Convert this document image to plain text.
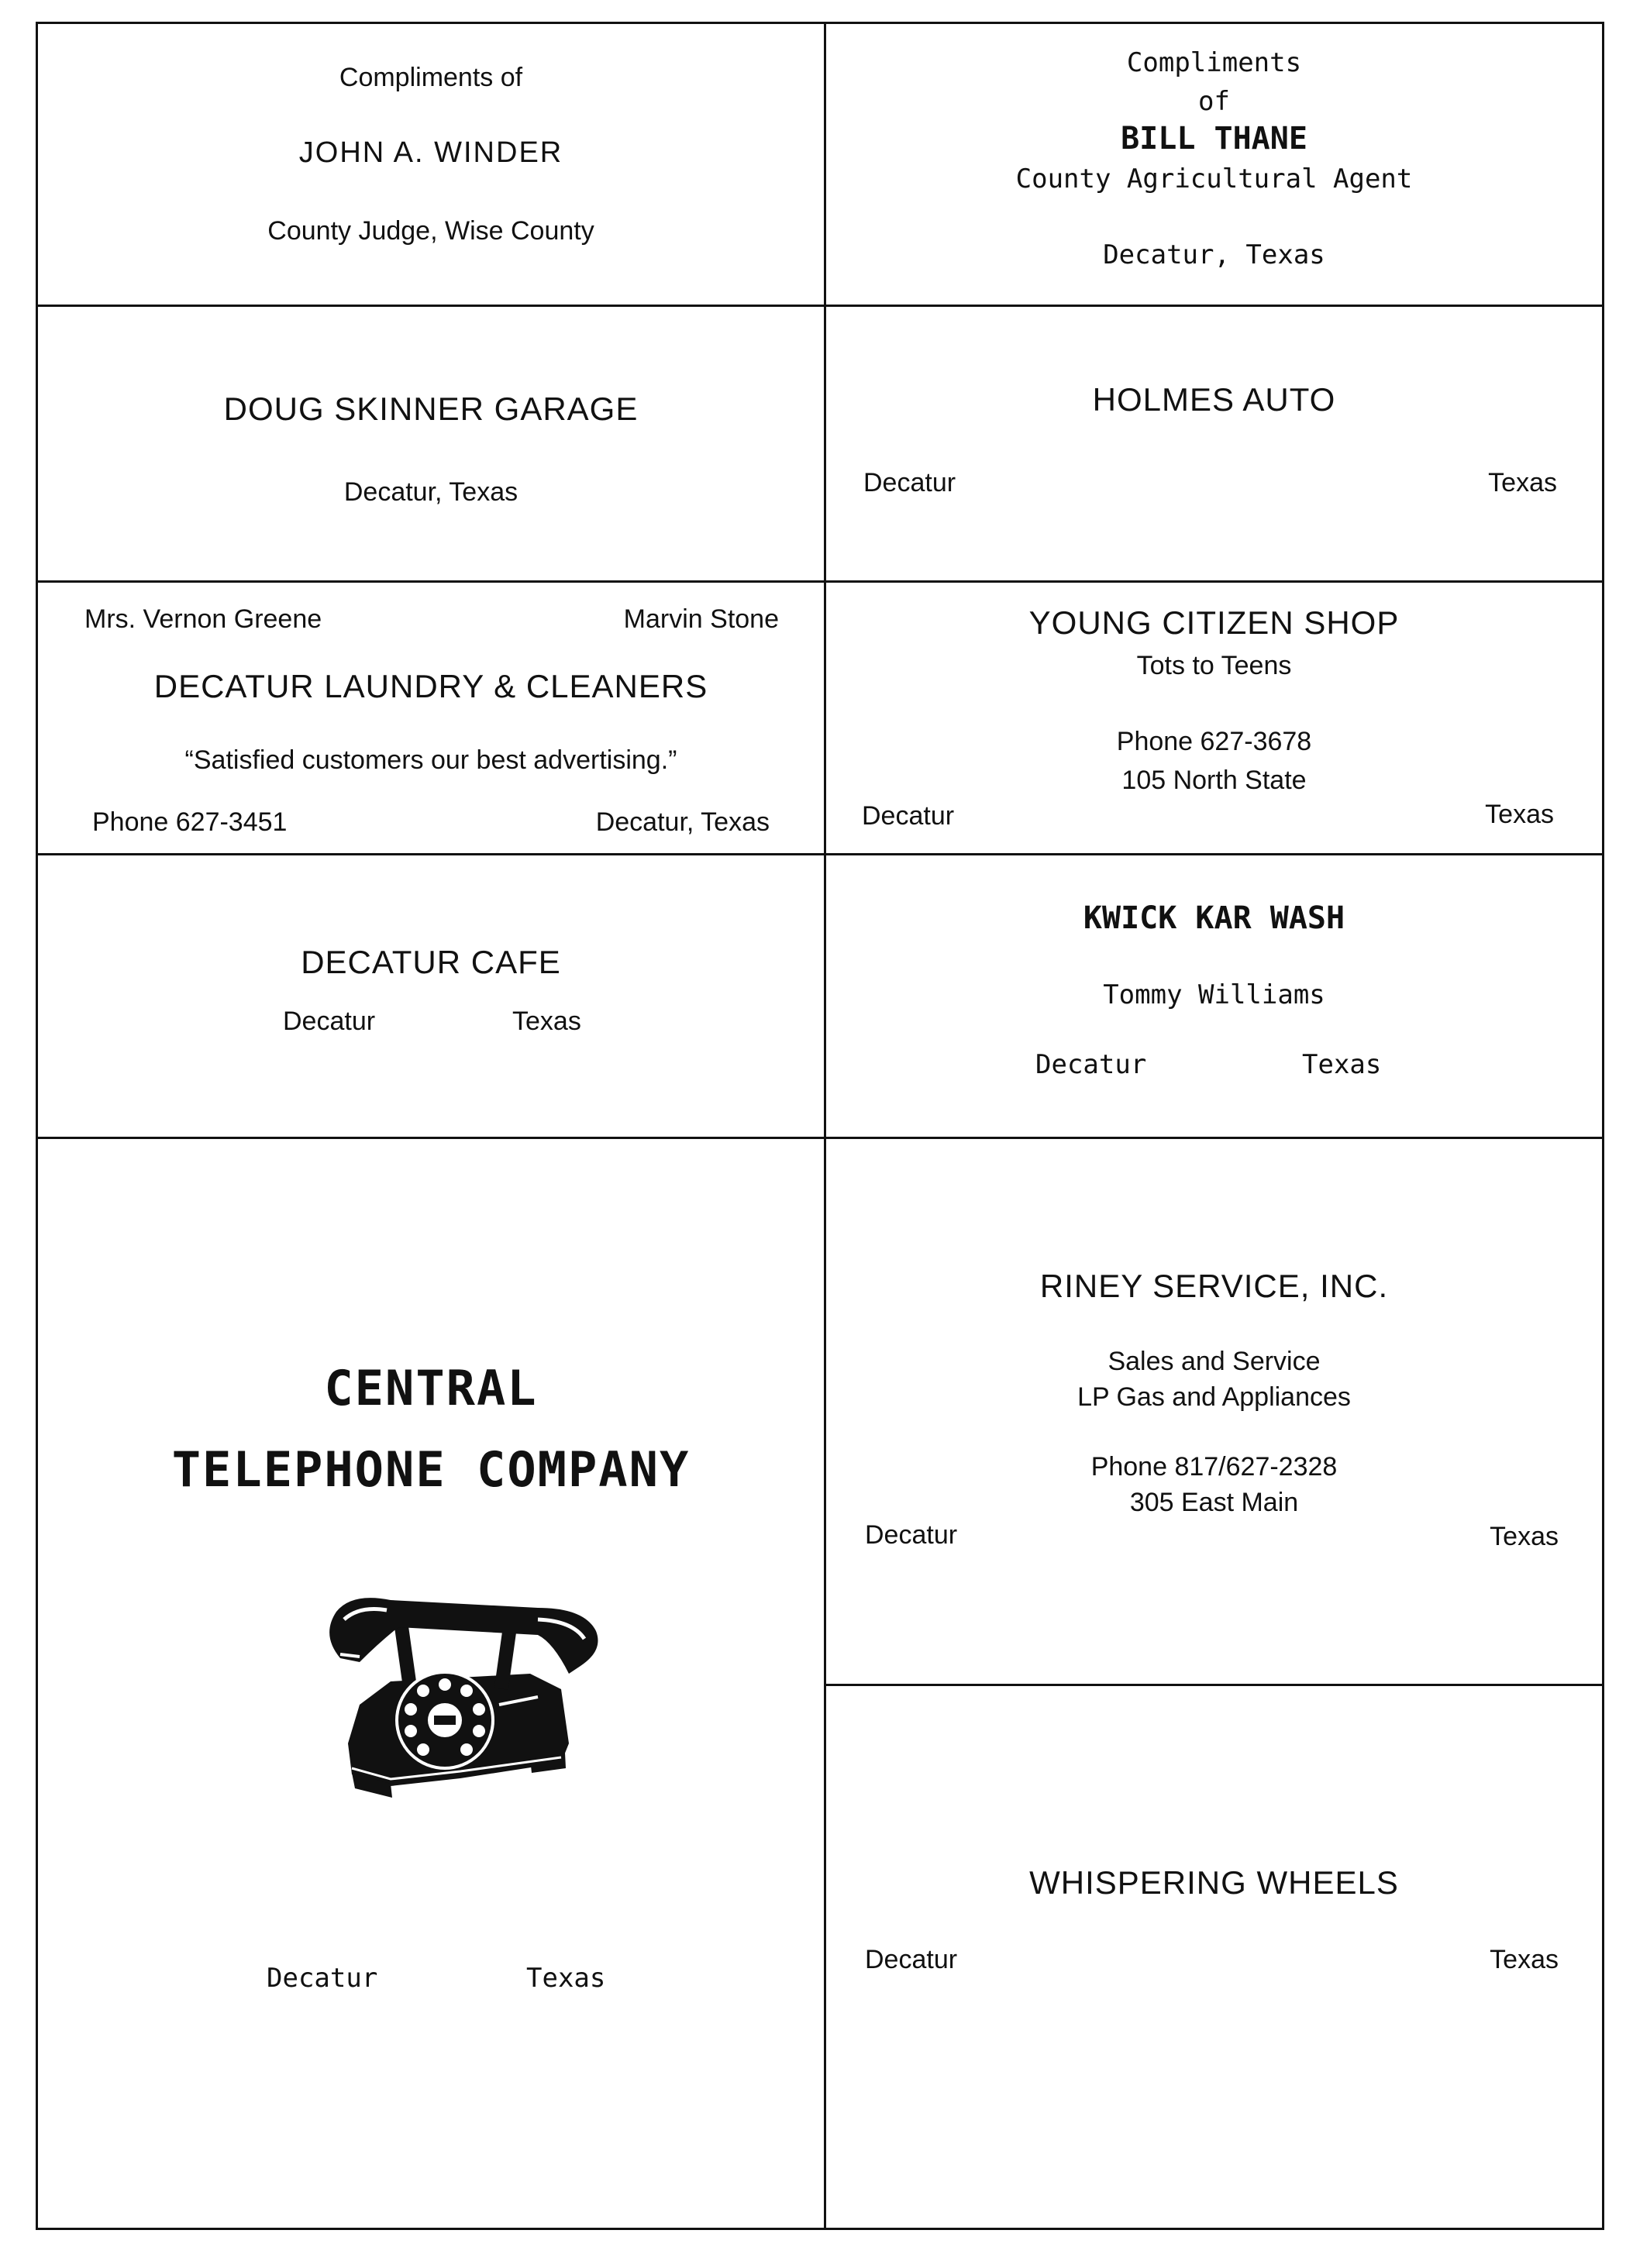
Compliments of
JOHN A. WINDER
County Judge, Wise County
Compliments
of
BILL THANE
County Agricultural Agent
Decatur, Texas
DOUG SKINNER GARAGE
Decatur, Texas
HOLMES AUTO
Decatur	Texas
Mrs. Vernon Greene	Marvin Stone
DECATUR LAUNDRY & CLEANERS
“Satisfied customers our best advertising.”
Phone 627-3451	Decatur, Texas
YOUNG CITIZEN SHOP
Tots to Teens
Phone 627-3678
105 North State
Decatur	Texas
DECATUR CAFE
Decatur	Texas
KWICK KAR WASH
Tommy Williams
Decatur	Texas
CENTRAL
TELEPHONE COMPANY
Decatur	Texas
RINEY SERVICE, INC.
Sales and Service
LP Gas and Appliances
Phone 817/627-2328
305 East Main
Decatur	Texas
WHISPERING WHEELS
Decatur	Texas
